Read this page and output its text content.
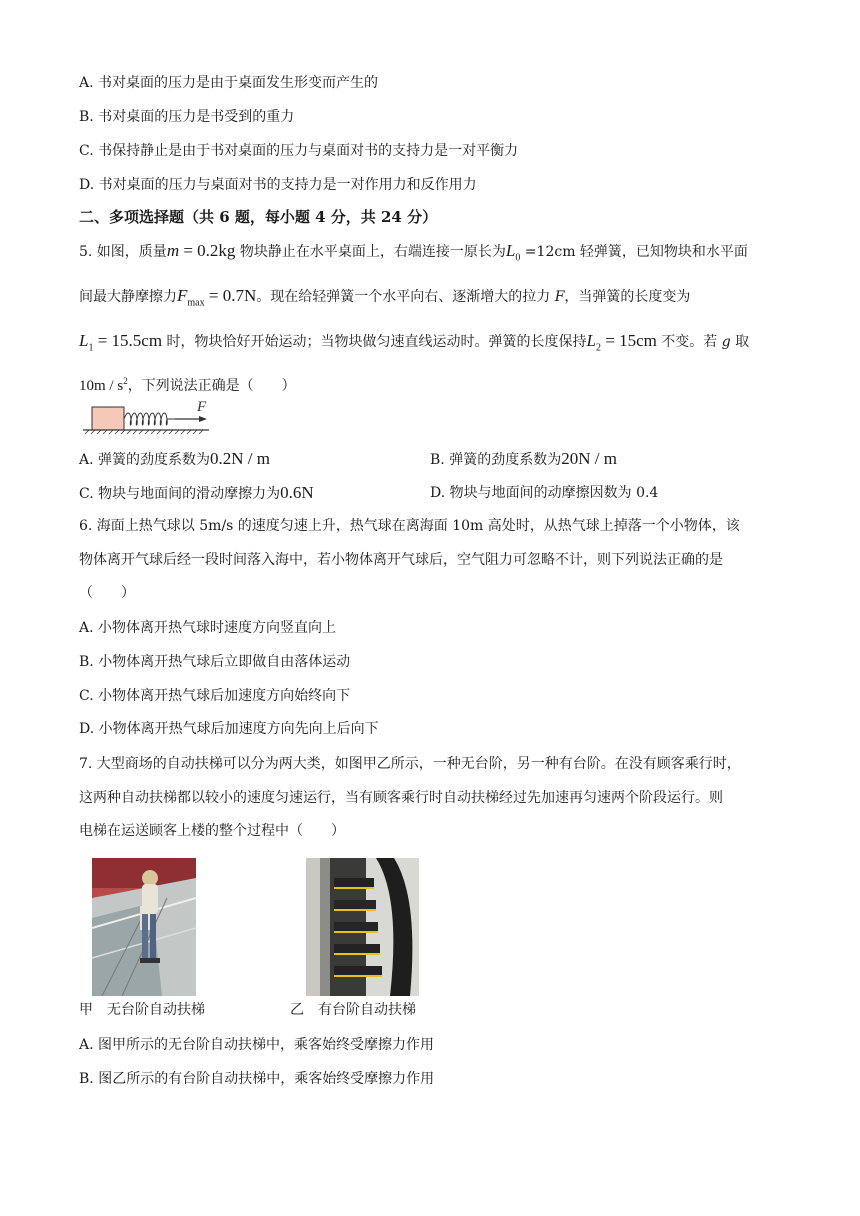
A. 书对桌面的压力是由于桌面发生形变而产生的
B. 书对桌面的压力是书受到的重力
C. 书保持静止是由于书对桌面的压力与桌面对书的支持力是一对平衡力
D. 书对桌面的压力与桌面对书的支持力是一对作用力和反作用力
二、多项选择题（共 6 题，每小题 4 分，共 24 分）
5. 如图，质量m = 0.2kg 物块静止在水平桌面上，右端连接一原长为$L_0 =12cm$ 轻弹簧，已知物块和水平面
间最大静摩擦力$F_{max} = 0.7N$。现在给轻弹簧一个水平向右、逐渐增大的拉力 F，当弹簧的长度变为
$L_1 = 15.5cm$ 时，物块恰好开始运动；当物块做匀速直线运动时。弹簧的长度保持$L_2 = 15cm$ 不变。若 g 取
$10m / s^2$，下列说法正确是（　　）
F
A. 弹簧的劲度系数为0.2N / m	B. 弹簧的劲度系数为20N / m
C. 物块与地面间的滑动摩擦力为0.6N	D. 物块与地面间的动摩擦因数为 0.4
6. 海面上热气球以 5m/s 的速度匀速上升，热气球在离海面 10m 高处时，从热气球上掉落一个小物体，该
物体离开气球后经一段时间落入海中，若小物体离开气球后，空气阻力可忽略不计，则下列说法正确的是
（　　）
A. 小物体离开热气球时速度方向竖直向上
B. 小物体离开热气球后立即做自由落体运动
C. 小物体离开热气球后加速度方向始终向下
D. 小物体离开热气球后加速度方向先向上后向下
7. 大型商场的自动扶梯可以分为两大类，如图甲乙所示，一种无台阶，另一种有台阶。在没有顾客乘行时，
这两种自动扶梯都以较小的速度匀速运行，当有顾客乘行时自动扶梯经过先加速再匀速两个阶段运行。则
电梯在运送顾客上楼的整个过程中（　　）
甲　无台阶自动扶梯	乙　有台阶自动扶梯
A. 图甲所示的无台阶自动扶梯中，乘客始终受摩擦力作用
B. 图乙所示的有台阶自动扶梯中，乘客始终受摩擦力作用
